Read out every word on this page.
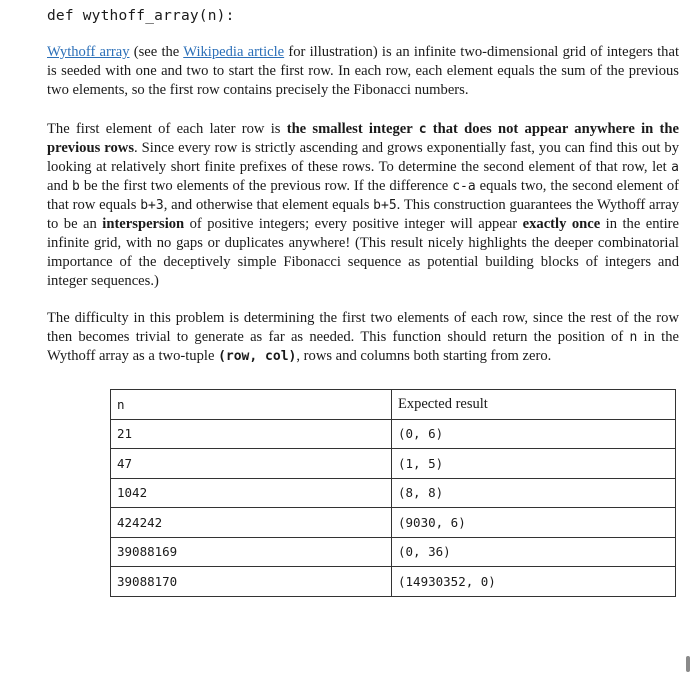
def wythoff_array(n):

Wythoff array (see the Wikipedia article for illustration) is an infinite two-dimensional grid of integers that is seeded with one and two to start the first row. In each row, each element equals the sum of the previous two elements, so the first row contains precisely the Fibonacci numbers.

The first element of each later row is the smallest integer c that does not appear anywhere in the previous rows. Since every row is strictly ascending and grows exponentially fast, you can find this out by looking at relatively short finite prefixes of these rows. To determine the second element of that row, let a and b be the first two elements of the previous row. If the difference c-a equals two, the second element of that row equals b+3, and otherwise that element equals b+5. This construction guarantees the Wythoff array to be an interspersion of positive integers; every positive integer will appear exactly once in the entire infinite grid, with no gaps or duplicates anywhere! (This result nicely highlights the deeper combinatorial importance of the deceptively simple Fibonacci sequence as potential building blocks of integers and integer sequences.)

The difficulty in this problem is determining the first two elements of each row, since the rest of the row then becomes trivial to generate as far as needed. This function should return the position of n in the Wythoff array as a two-tuple (row, col), rows and columns both starting from zero.

n	Expected result
21	(0, 6)
47	(1, 5)
1042	(8, 8)
424242	(9030, 6)
39088169	(0, 36)
39088170	(14930352, 0)
